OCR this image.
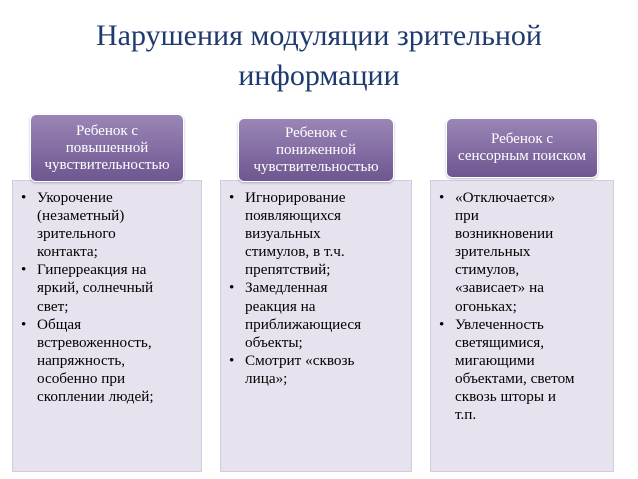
Нарушения модуляции зрительной
информации
Ребенок с
повышенной
чувствительностью
• Укорочение
(незаметный)
зрительного
контакта;
• Гиперреакция на
яркий, солнечный
свет;
• Общая
встревоженность,
напряжность,
особенно при
скоплении людей;
Ребенок с
пониженной
чувствительностью
• Игнорирование
появляющихся
визуальных
стимулов, в т.ч.
препятствий;
• Замедленная
реакция на
приближающиеся
объекты;
• Смотрит «сквозь
лица»;
Ребенок с
сенсорным поиском
• «Отключается»
при
возникновении
зрительных
стимулов,
«зависает» на
огоньках;
• Увлеченность
светящимися,
мигающими
объектами, светом
сквозь шторы и
т.п.
